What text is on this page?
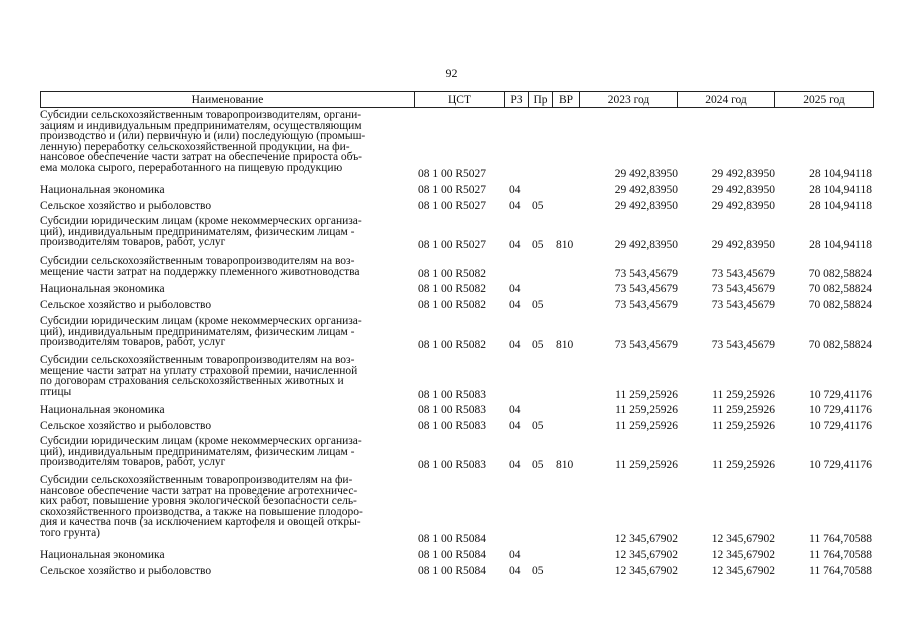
92
Наименование	ЦСТ	РЗ Пр ВР	2023 год	2024 год	2025 год
Субсидии сельскохозяйственным товаропроизводителям, органи-
зациям и индивидуальным предпринимателям, осуществляющим
производство и (или) первичную и (или) последующую (промыш-
ленную) переработку сельскохозяйственной продукции, на фи-
нансовое обеспечение части затрат на обеспечение прироста объ-
ема молока сырого, переработанного на пищевую продукцию
08 1 00 R5027	29 492,83950	29 492,83950	28 104,94118
Национальная экономика	08 1 00 R5027 04	29 492,83950	29 492,83950	28 104,94118
Сельское хозяйство и рыболовство	08 1 00 R5027 04 05	29 492,83950	29 492,83950	28 104,94118
Субсидии юридическим лицам (кроме некоммерческих организа-
ций), индивидуальным предпринимателям, физическим лицам -
производителям товаров, работ, услуг	08 1 00 R5027 04 05 810	29 492,83950	29 492,83950	28 104,94118
Субсидии сельскохозяйственным товаропроизводителям на воз-
мещение части затрат на поддержку племенного животноводства	08 1 00 R5082	73 543,45679	73 543,45679	70 082,58824
Национальная экономика	08 1 00 R5082 04	73 543,45679	73 543,45679	70 082,58824
Сельское хозяйство и рыболовство	08 1 00 R5082 04 05	73 543,45679	73 543,45679	70 082,58824
Субсидии юридическим лицам (кроме некоммерческих организа-
ций), индивидуальным предпринимателям, физическим лицам -
производителям товаров, работ, услуг	08 1 00 R5082 04 05 810	73 543,45679	73 543,45679	70 082,58824
Субсидии сельскохозяйственным товаропроизводителям на воз-
мещение части затрат на уплату страховой премии, начисленной
по договорам страхования сельскохозяйственных животных и
птицы	08 1 00 R5083	11 259,25926	11 259,25926	10 729,41176
Национальная экономика	08 1 00 R5083 04	11 259,25926	11 259,25926	10 729,41176
Сельское хозяйство и рыболовство	08 1 00 R5083 04 05	11 259,25926	11 259,25926	10 729,41176
Субсидии юридическим лицам (кроме некоммерческих организа-
ций), индивидуальным предпринимателям, физическим лицам -
производителям товаров, работ, услуг	08 1 00 R5083 04 05 810	11 259,25926	11 259,25926	10 729,41176
Субсидии сельскохозяйственным товаропроизводителям на фи-
нансовое обеспечение части затрат на проведение агротехничес-
ких работ, повышение уровня экологической безопасности сель-
скохозяйственного производства, а также на повышение плодоро-
дия и качества почв (за исключением картофеля и овощей откры-
того грунта)
08 1 00 R5084	12 345,67902	12 345,67902	11 764,70588
Национальная экономика	08 1 00 R5084 04	12 345,67902	12 345,67902	11 764,70588
Сельское хозяйство и рыболовство	08 1 00 R5084 04 05	12 345,67902	12 345,67902	11 764,70588
